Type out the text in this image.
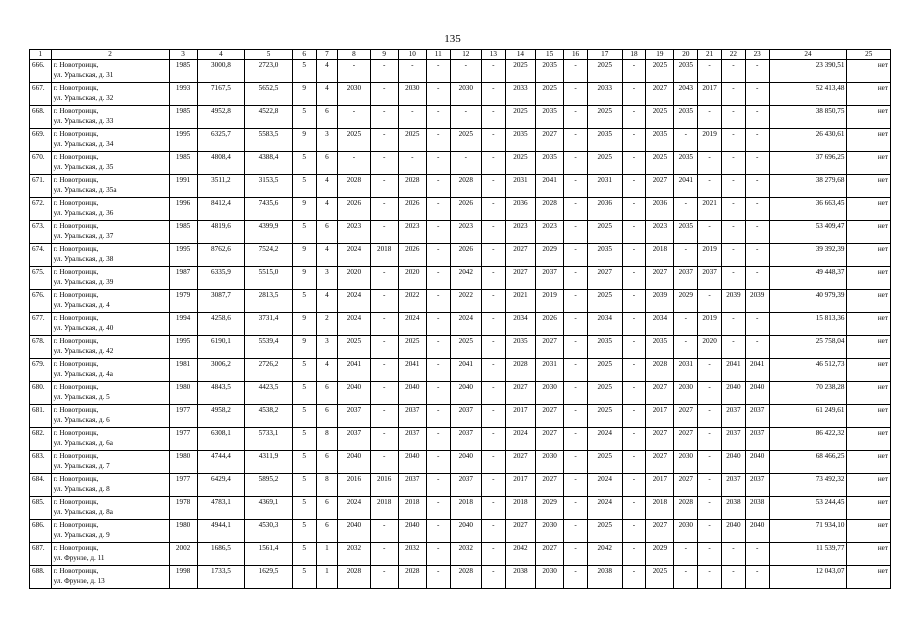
135
1	2	3	4	5	6	7	8	9	10	11	12	13	14	15	16	17	18	19	20	21	22	23	24	25
666.	г. Новотроицк,
ул. Уральская, д. 31	1985	3000,8	2723,0	5	4	-	-	-	-	-	-	2025	2035	-	2025	-	2025	2035	-	-	-	23 390,51	нет
667.	г. Новотроицк,
ул. Уральская, д. 32	1993	7167,5	5652,5	9	4	2030	-	2030	-	2030	-	2033	2025	-	2033	-	2027	2043	2017	-	-	52 413,48	нет
668.	г. Новотроицк,
ул. Уральская, д. 33	1985	4952,8	4522,8	5	6	-	-	-	-	-	-	2025	2035	-	2025	-	2025	2035	-	-	-	38 850,75	нет
669.	г. Новотроицк,
ул. Уральская, д. 34	1995	6325,7	5583,5	9	3	2025	-	2025	-	2025	-	2035	2027	-	2035	-	2035	-	2019	-	-	26 430,61	нет
670.	г. Новотроицк,
ул. Уральская, д. 35	1985	4808,4	4388,4	5	6	-	-	-	-	-	-	2025	2035	-	2025	-	2025	2035	-	-	-	37 696,25	нет
671.	г. Новотроицк,
ул. Уральская, д. 35а	1991	3511,2	3153,5	5	4	2028	-	2028	-	2028	-	2031	2041	-	2031	-	2027	2041	-	-	-	38 279,68	нет
672.	г. Новотроицк,
ул. Уральская, д. 36	1996	8412,4	7435,6	9	4	2026	-	2026	-	2026	-	2036	2028	-	2036	-	2036	-	2021	-	-	36 663,45	нет
673.	г. Новотроицк,
ул. Уральская, д. 37	1985	4819,6	4399,9	5	6	2023	-	2023	-	2023	-	2023	2023	-	2025	-	2023	2035	-	-	-	53 409,47	нет
674.	г. Новотроицк,
ул. Уральская, д. 38	1995	8762,6	7524,2	9	4	2024	2018	2026	-	2026	-	2027	2029	-	2035	-	2018	-	2019	-	-	39 392,39	нет
675.	г. Новотроицк,
ул. Уральская, д. 39	1987	6335,9	5515,0	9	3	2020	-	2020	-	2042	-	2027	2037	-	2027	-	2027	2037	2037	-	-	49 448,37	нет
676.	г. Новотроицк,
ул. Уральская, д. 4	1979	3087,7	2813,5	5	4	2024	-	2022	-	2022	-	2021	2019	-	2025	-	2039	2029	-	2039	2039	40 979,39	нет
677.	г. Новотроицк,
ул. Уральская, д. 40	1994	4258,6	3731,4	9	2	2024	-	2024	-	2024	-	2034	2026	-	2034	-	2034	-	2019	-	-	15 813,36	нет
678.	г. Новотроицк,
ул. Уральская, д. 42	1995	6190,1	5539,4	9	3	2025	-	2025	-	2025	-	2035	2027	-	2035	-	2035	-	2020	-	-	25 758,04	нет
679.	г. Новотроицк,
ул. Уральская, д. 4а	1981	3006,2	2726,2	5	4	2041	-	2041	-	2041	-	2028	2031	-	2025	-	2028	2031	-	2041	2041	46 512,73	нет
680.	г. Новотроицк,
ул. Уральская, д. 5	1980	4843,5	4423,5	5	6	2040	-	2040	-	2040	-	2027	2030	-	2025	-	2027	2030	-	2040	2040	70 238,28	нет
681.	г. Новотроицк,
ул. Уральская, д. 6	1977	4958,2	4538,2	5	6	2037	-	2037	-	2037	-	2017	2027	-	2025	-	2017	2027	-	2037	2037	61 249,61	нет
682.	г. Новотроицк,
ул. Уральская, д. 6а	1977	6308,1	5733,1	5	8	2037	-	2037	-	2037	-	2024	2027	-	2024	-	2027	2027	-	2037	2037	86 422,32	нет
683.	г. Новотроицк,
ул. Уральская, д. 7	1980	4744,4	4311,9	5	6	2040	-	2040	-	2040	-	2027	2030	-	2025	-	2027	2030	-	2040	2040	68 466,25	нет
684.	г. Новотроицк,
ул. Уральская, д. 8	1977	6429,4	5895,2	5	8	2016	2016	2037	-	2037	-	2017	2027	-	2024	-	2017	2027	-	2037	2037	73 492,32	нет
685.	г. Новотроицк,
ул. Уральская, д. 8а	1978	4783,1	4369,1	5	6	2024	2018	2018	-	2018	-	2018	2029	-	2024	-	2018	2028	-	2038	2038	53 244,45	нет
686.	г. Новотроицк,
ул. Уральская, д. 9	1980	4944,1	4530,3	5	6	2040	-	2040	-	2040	-	2027	2030	-	2025	-	2027	2030	-	2040	2040	71 934,10	нет
687.	г. Новотроицк,
ул. Фрунзе, д. 11	2002	1686,5	1561,4	5	1	2032	-	2032	-	2032	-	2042	2027	-	2042	-	2029	-	-	-	-	11 539,77	нет
688.	г. Новотроицк,
ул. Фрунзе, д. 13	1998	1733,5	1629,5	5	1	2028	-	2028	-	2028	-	2038	2030	-	2038	-	2025	-	-	-	-	12 043,07	нет
